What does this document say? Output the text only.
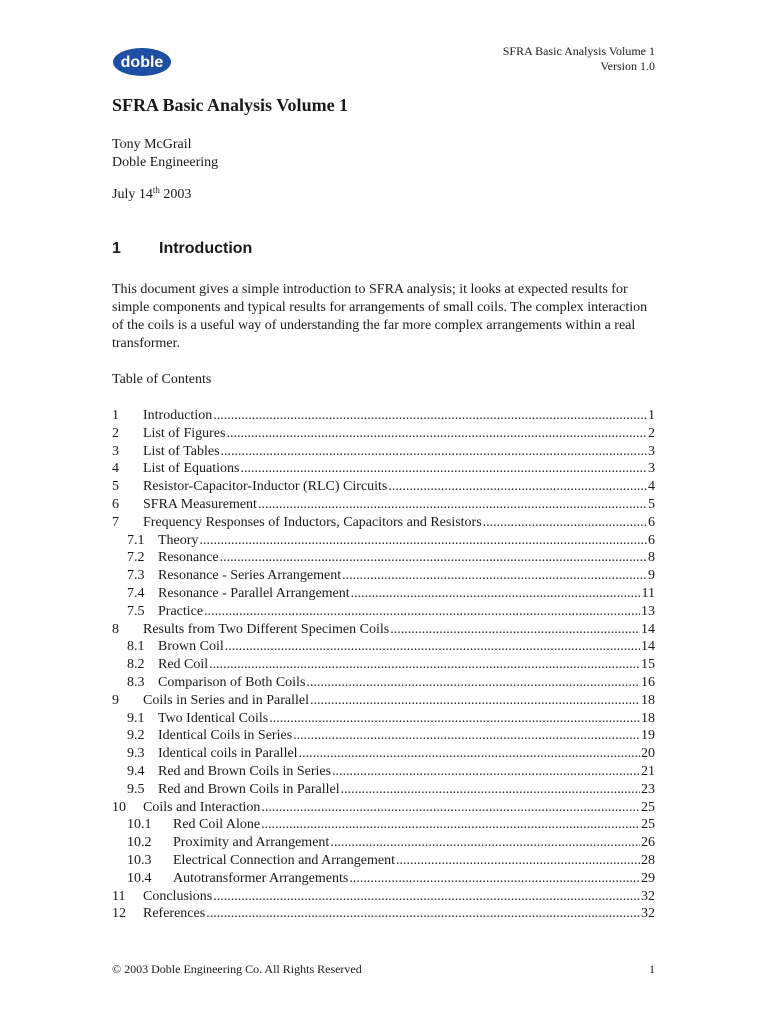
doble
SFRA Basic Analysis Volume 1
Version 1.0
SFRA Basic Analysis Volume 1
Tony McGrail
Doble Engineering
July 14th 2003
1	Introduction
This document gives a simple introduction to SFRA analysis; it looks at expected results for simple components and typical results for arrangements of small coils. The complex interaction of the coils is a useful way of understanding the far more complex arrangements within a real transformer.
Table of Contents
1	Introduction .....	1
2	List of Figures .....	2
3	List of Tables .....	3
4	List of Equations .....	3
5	Resistor-Capacitor-Inductor (RLC) Circuits .....	4
6	SFRA Measurement .....	5
7	Frequency Responses of Inductors, Capacitors and Resistors .....	6
7.1 Theory .....	6
7.2 Resonance .....	8
7.3 Resonance - Series Arrangement .....	9
7.4 Resonance - Parallel Arrangement .....	11
7.5 Practice .....	13
8	Results from Two Different Specimen Coils .....	14
8.1 Brown Coil .....	14
8.2 Red Coil .....	15
8.3 Comparison of Both Coils .....	16
9	Coils in Series and in Parallel .....	18
9.1 Two Identical Coils .....	18
9.2 Identical Coils in Series .....	19
9.3 Identical coils in Parallel .....	20
9.4 Red and Brown Coils in Series .....	21
9.5 Red and Brown Coils in Parallel .....	23
10	Coils and Interaction .....	25
10.1	Red Coil Alone .....	25
10.2	Proximity and Arrangement .....	26
10.3	Electrical Connection and Arrangement .....	28
10.4	Autotransformer Arrangements .....	29
11	Conclusions .....	32
12	References .....	32
© 2003 Doble Engineering Co. All Rights Reserved	1
